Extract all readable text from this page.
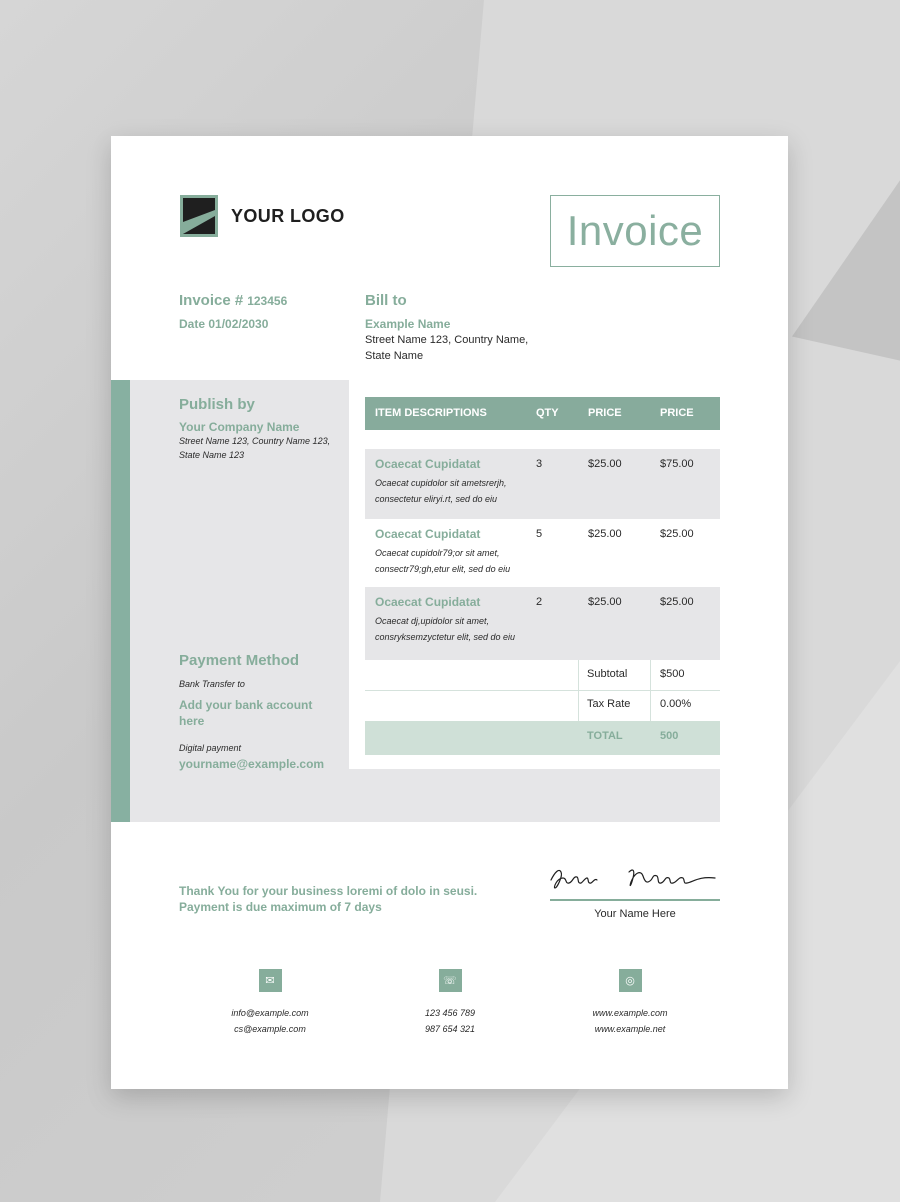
YOUR LOGO	Invoice
Invoice # 123456
Date 01/02/2030
Bill to
Example Name
Street Name 123, Country Name, State Name
Publish by
Your Company Name
Street Name 123, Country Name 123, State Name 123
Payment Method
Bank Transfer to
Add your bank account here
Digital payment
yourname@example.com
ITEM DESCRIPTIONS	QTY	PRICE	PRICE
Ocaecat Cupidatat
Ocaecat cupidolor sit ametsrerjh, consectetur eliryi.rt, sed do eiu
3	$25.00	$75.00
Ocaecat Cupidatat
Ocaecat cupidolr79;or sit amet, consectr79;gh,etur elit, sed do eiu
5	$25.00	$25.00
Ocaecat Cupidatat
Ocaecat dj,upidolor sit amet, consryksemzyctetur elit, sed do eiu
2	$25.00	$25.00
Subtotal	$500
Tax Rate	0.00%
TOTAL	500
Thank You for your business loremi of dolo in seusi. Payment is due maximum of 7 days	Your Name Here
✉
info@example.com
cs@example.com
☏
123 456 789
987 654 321
◎
www.example.com
www.example.net
